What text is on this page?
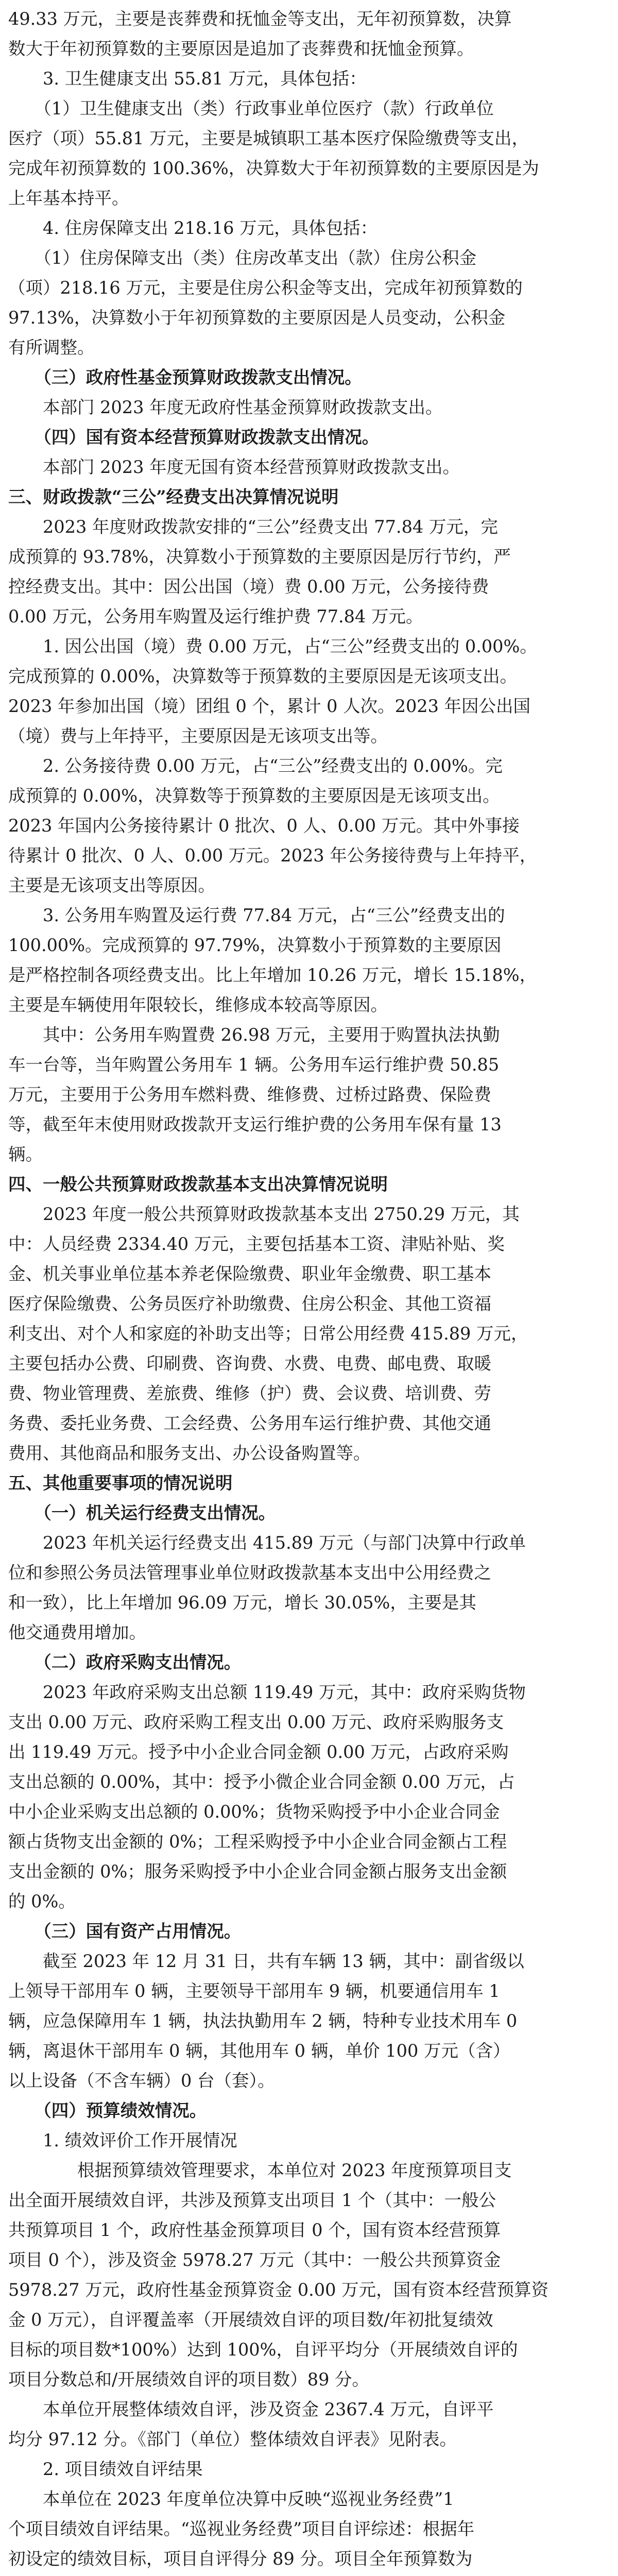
49.33 万元，主要是丧葬费和抚恤金等支出，无年初预算数，决算

数大于年初预算数的主要原因是追加了丧葬费和抚恤金预算。

　　3. 卫生健康支出 55.81 万元，具体包括：

　　（1）卫生健康支出（类）行政事业单位医疗（款）行政单位

医疗（项）55.81 万元，主要是城镇职工基本医疗保险缴费等支出，

完成年初预算数的 100.36%，决算数大于年初预算数的主要原因是为

上年基本持平。

　　4. 住房保障支出 218.16 万元，具体包括：

　　（1）住房保障支出（类）住房改革支出（款）住房公积金

（项）218.16 万元，主要是住房公积金等支出，完成年初预算数的

97.13%，决算数小于年初预算数的主要原因是人员变动，公积金

有所调整。

　　（三）政府性基金预算财政拨款支出情况。

　　本部门 2023 年度无政府性基金预算财政拨款支出。

　　（四）国有资本经营预算财政拨款支出情况。

　　本部门 2023 年度无国有资本经营预算财政拨款支出。

三、财政拨款“三公”经费支出决算情况说明

　　2023 年度财政拨款安排的“三公”经费支出 77.84 万元，完

成预算的 93.78%，决算数小于预算数的主要原因是厉行节约，严

控经费支出。其中：因公出国（境）费 0.00 万元，公务接待费

0.00 万元，公务用车购置及运行维护费 77.84 万元。

　　1. 因公出国（境）费 0.00 万元，占“三公”经费支出的 0.00%。

完成预算的 0.00%，决算数等于预算数的主要原因是无该项支出。

2023 年参加出国（境）团组 0 个，累计 0 人次。2023 年因公出国

（境）费与上年持平，主要原因是无该项支出等。

　　2. 公务接待费 0.00 万元，占“三公”经费支出的 0.00%。完

成预算的 0.00%，决算数等于预算数的主要原因是无该项支出。

2023 年国内公务接待累计 0 批次、0 人、0.00 万元。其中外事接

待累计 0 批次、0 人、0.00 万元。2023 年公务接待费与上年持平，

主要是无该项支出等原因。

　　3. 公务用车购置及运行费 77.84 万元，占“三公”经费支出的

100.00%。完成预算的 97.79%，决算数小于预算数的主要原因

是严格控制各项经费支出。比上年增加 10.26 万元，增长 15.18%，

主要是车辆使用年限较长，维修成本较高等原因。

　　其中：公务用车购置费 26.98 万元，主要用于购置执法执勤

车一台等，当年购置公务用车 1 辆。公务用车运行维护费 50.85

万元，主要用于公务用车燃料费、维修费、过桥过路费、保险费

等，截至年末使用财政拨款开支运行维护费的公务用车保有量 13

辆。

四、一般公共预算财政拨款基本支出决算情况说明

　　2023 年度一般公共预算财政拨款基本支出 2750.29 万元，其

中：人员经费 2334.40 万元，主要包括基本工资、津贴补贴、奖

金、机关事业单位基本养老保险缴费、职业年金缴费、职工基本

医疗保险缴费、公务员医疗补助缴费、住房公积金、其他工资福

利支出、对个人和家庭的补助支出等；日常公用经费 415.89 万元，

主要包括办公费、印刷费、咨询费、水费、电费、邮电费、取暖

费、物业管理费、差旅费、维修（护）费、会议费、培训费、劳

务费、委托业务费、工会经费、公务用车运行维护费、其他交通

费用、其他商品和服务支出、办公设备购置等。

五、其他重要事项的情况说明

　　（一）机关运行经费支出情况。

　　2023 年机关运行经费支出 415.89 万元（与部门决算中行政单

位和参照公务员法管理事业单位财政拨款基本支出中公用经费之

和一致），比上年增加 96.09 万元，增长 30.05%，主要是其

他交通费用增加。

　　（二）政府采购支出情况。

　　2023 年政府采购支出总额 119.49 万元，其中：政府采购货物

支出 0.00 万元、政府采购工程支出 0.00 万元、政府采购服务支

出 119.49 万元。授予中小企业合同金额 0.00 万元，占政府采购

支出总额的 0.00%，其中：授予小微企业合同金额 0.00 万元，占

中小企业采购支出总额的 0.00%；货物采购授予中小企业合同金

额占货物支出金额的 0%；工程采购授予中小企业合同金额占工程

支出金额的 0%；服务采购授予中小企业合同金额占服务支出金额

的 0%。

　　（三）国有资产占用情况。

　　截至 2023 年 12 月 31 日，共有车辆 13 辆，其中：副省级以

上领导干部用车 0 辆，主要领导干部用车 9 辆，机要通信用车 1

辆，应急保障用车 1 辆，执法执勤用车 2 辆，特种专业技术用车 0

辆，离退休干部用车 0 辆，其他用车 0 辆，单价 100 万元（含）

以上设备（不含车辆）0 台（套）。

　　（四）预算绩效情况。

　　1. 绩效评价工作开展情况

　　　　根据预算绩效管理要求，本单位对 2023 年度预算项目支

出全面开展绩效自评，共涉及预算支出项目 1 个（其中：一般公

共预算项目 1 个，政府性基金预算项目 0 个，国有资本经营预算

项目 0 个），涉及资金 5978.27 万元（其中：一般公共预算资金

5978.27 万元，政府性基金预算资金 0.00 万元，国有资本经营预算资

金 0 万元），自评覆盖率（开展绩效自评的项目数/年初批复绩效

目标的项目数*100%）达到 100%，自评平均分（开展绩效自评的

项目分数总和/开展绩效自评的项目数）89 分。

　　本单位开展整体绩效自评，涉及资金 2367.4 万元，自评平

均分 97.12 分。《部门（单位）整体绩效自评表》见附表。

　　2. 项目绩效自评结果

　　本单位在 2023 年度单位决算中反映“巡视业务经费”1

个项目绩效自评结果。“巡视业务经费”项目自评综述：根据年

初设定的绩效目标，项目自评得分 89 分。项目全年预算数为
